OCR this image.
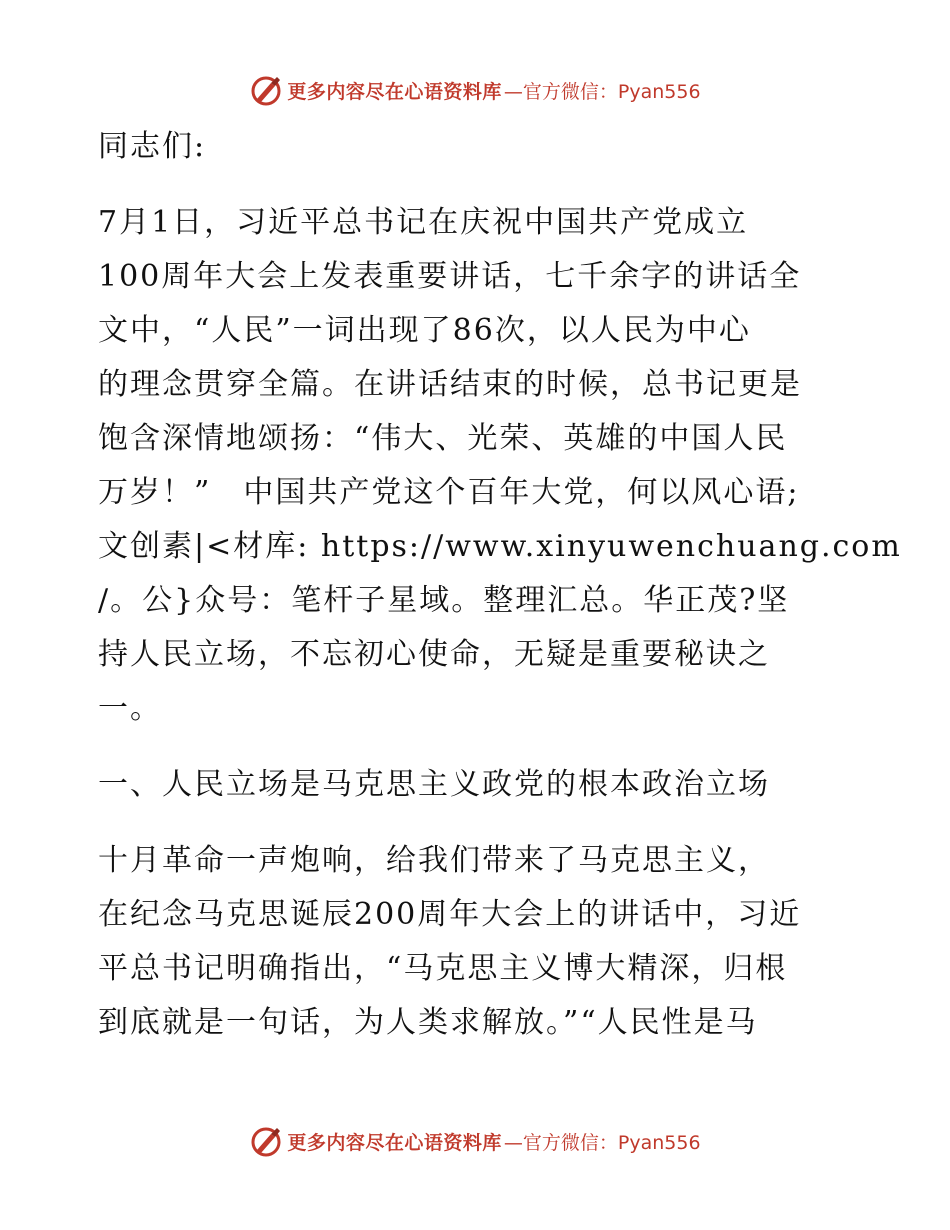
更多内容尽在心语资料库 —官方微信：Pyan556
同志们:
7月1日，习近平总书记在庆祝中国共产党成立
100周年大会上发表重要讲话，七千余字的讲话全
文中，“人民”一词出现了86次，以人民为中心
的理念贯穿全篇。在讲话结束的时候，总书记更是
饱含深情地颂扬：“伟大、光荣、英雄的中国人民
万岁！”　中国共产党这个百年大党，何以风心语;
文创素|<材库: https://www.xinyuwenchuang.com
/。公}众号：笔杆子星域。整理汇总。华正茂?坚
持人民立场，不忘初心使命，无疑是重要秘诀之
一。
一、人民立场是马克思主义政党的根本政治立场
十月革命一声炮响，给我们带来了马克思主义，
在纪念马克思诞辰200周年大会上的讲话中，习近
平总书记明确指出，“马克思主义博大精深，归根
到底就是一句话，为人类求解放。”“人民性是马
更多内容尽在心语资料库 —官方微信：Pyan556
